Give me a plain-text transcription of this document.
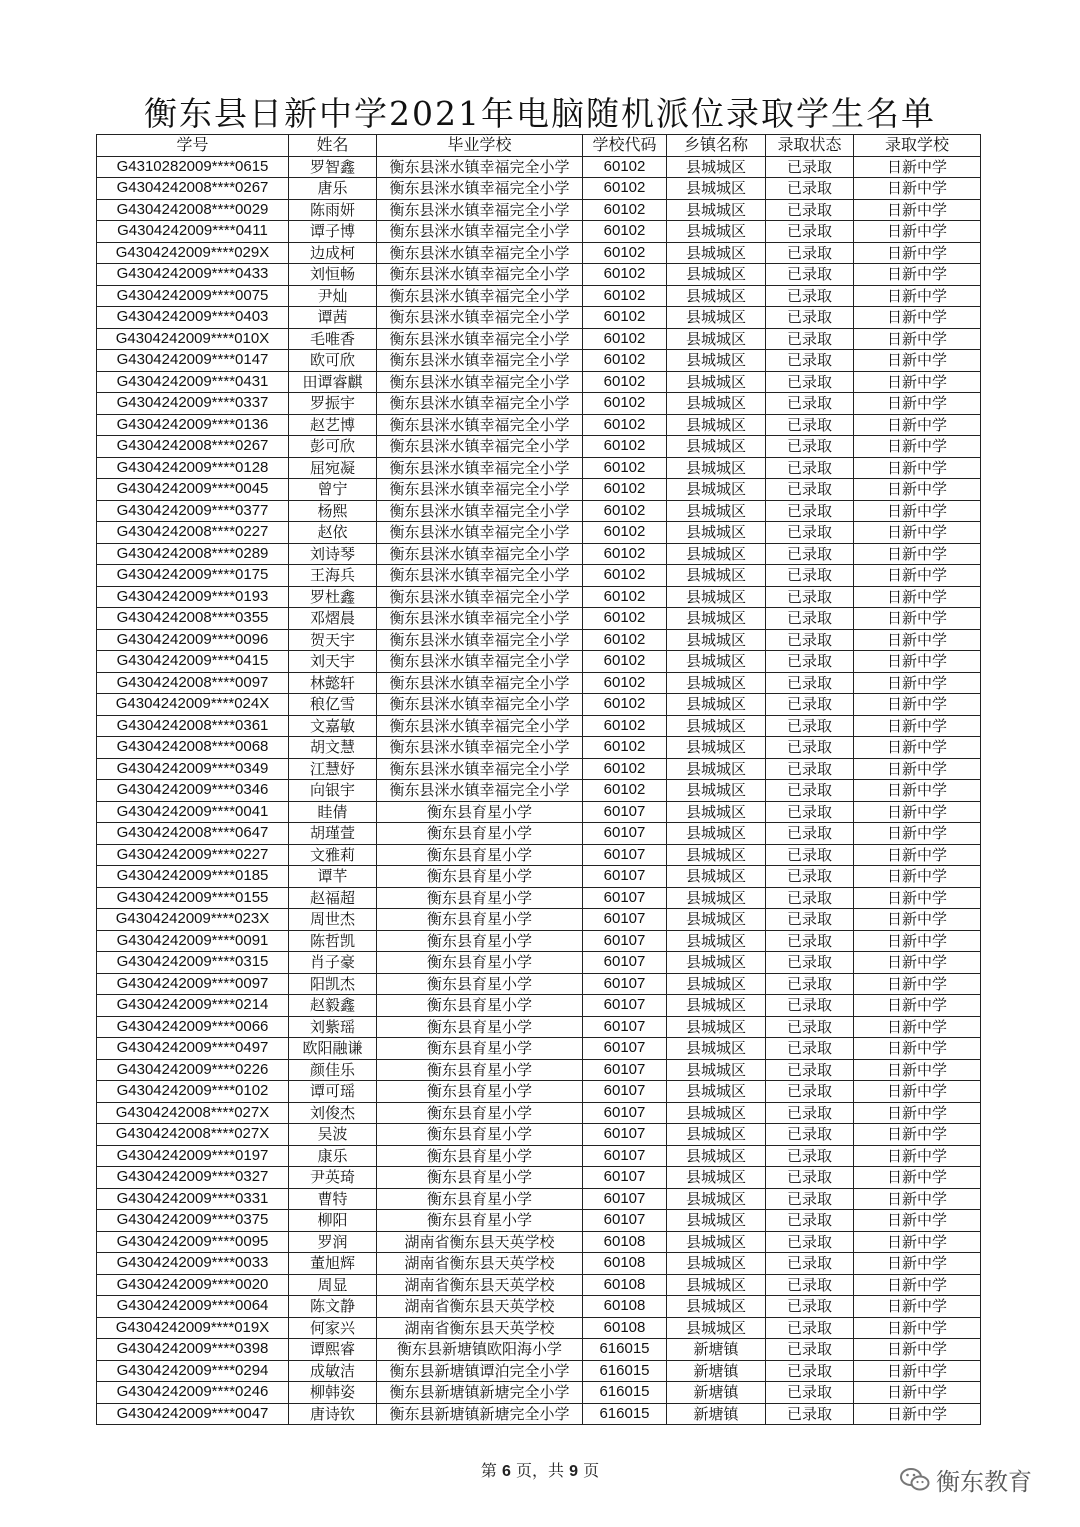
衡东县日新中学2021年电脑随机派位录取学生名单
学号	姓名	毕业学校	学校代码	乡镇名称	录取状态	录取学校
G4310282009****0615	罗智鑫	衡东县洣水镇幸福完全小学	60102	县城城区	已录取	日新中学
G4304242008****0267	唐乐	衡东县洣水镇幸福完全小学	60102	县城城区	已录取	日新中学
G4304242008****0029	陈雨妍	衡东县洣水镇幸福完全小学	60102	县城城区	已录取	日新中学
G4304242009****0411	谭子博	衡东县洣水镇幸福完全小学	60102	县城城区	已录取	日新中学
G4304242009****029X	边成柯	衡东县洣水镇幸福完全小学	60102	县城城区	已录取	日新中学
G4304242009****0433	刘恒畅	衡东县洣水镇幸福完全小学	60102	县城城区	已录取	日新中学
G4304242009****0075	尹灿	衡东县洣水镇幸福完全小学	60102	县城城区	已录取	日新中学
G4304242009****0403	谭茜	衡东县洣水镇幸福完全小学	60102	县城城区	已录取	日新中学
G4304242009****010X	毛唯香	衡东县洣水镇幸福完全小学	60102	县城城区	已录取	日新中学
G4304242009****0147	欧可欣	衡东县洣水镇幸福完全小学	60102	县城城区	已录取	日新中学
G4304242009****0431	田谭睿麒	衡东县洣水镇幸福完全小学	60102	县城城区	已录取	日新中学
G4304242009****0337	罗振宇	衡东县洣水镇幸福完全小学	60102	县城城区	已录取	日新中学
G4304242009****0136	赵艺博	衡东县洣水镇幸福完全小学	60102	县城城区	已录取	日新中学
G4304242008****0267	彭可欣	衡东县洣水镇幸福完全小学	60102	县城城区	已录取	日新中学
G4304242009****0128	屈宛凝	衡东县洣水镇幸福完全小学	60102	县城城区	已录取	日新中学
G4304242009****0045	曾宁	衡东县洣水镇幸福完全小学	60102	县城城区	已录取	日新中学
G4304242009****0377	杨熙	衡东县洣水镇幸福完全小学	60102	县城城区	已录取	日新中学
G4304242008****0227	赵依	衡东县洣水镇幸福完全小学	60102	县城城区	已录取	日新中学
G4304242008****0289	刘诗琴	衡东县洣水镇幸福完全小学	60102	县城城区	已录取	日新中学
G4304242009****0175	王海兵	衡东县洣水镇幸福完全小学	60102	县城城区	已录取	日新中学
G4304242009****0193	罗杜鑫	衡东县洣水镇幸福完全小学	60102	县城城区	已录取	日新中学
G4304242008****0355	邓熠晨	衡东县洣水镇幸福完全小学	60102	县城城区	已录取	日新中学
G4304242009****0096	贺天宇	衡东县洣水镇幸福完全小学	60102	县城城区	已录取	日新中学
G4304242009****0415	刘天宇	衡东县洣水镇幸福完全小学	60102	县城城区	已录取	日新中学
G4304242008****0097	林懿轩	衡东县洣水镇幸福完全小学	60102	县城城区	已录取	日新中学
G4304242009****024X	稂亿雪	衡东县洣水镇幸福完全小学	60102	县城城区	已录取	日新中学
G4304242008****0361	文嘉敏	衡东县洣水镇幸福完全小学	60102	县城城区	已录取	日新中学
G4304242008****0068	胡文慧	衡东县洣水镇幸福完全小学	60102	县城城区	已录取	日新中学
G4304242009****0349	江慧妤	衡东县洣水镇幸福完全小学	60102	县城城区	已录取	日新中学
G4304242009****0346	向银宇	衡东县洣水镇幸福完全小学	60102	县城城区	已录取	日新中学
G4304242009****0041	眭倩	衡东县育星小学	60107	县城城区	已录取	日新中学
G4304242008****0647	胡瑾萱	衡东县育星小学	60107	县城城区	已录取	日新中学
G4304242009****0227	文雅莉	衡东县育星小学	60107	县城城区	已录取	日新中学
G4304242009****0185	谭芊	衡东县育星小学	60107	县城城区	已录取	日新中学
G4304242009****0155	赵福超	衡东县育星小学	60107	县城城区	已录取	日新中学
G4304242009****023X	周世杰	衡东县育星小学	60107	县城城区	已录取	日新中学
G4304242009****0091	陈哲凯	衡东县育星小学	60107	县城城区	已录取	日新中学
G4304242009****0315	肖子豪	衡东县育星小学	60107	县城城区	已录取	日新中学
G4304242009****0097	阳凯杰	衡东县育星小学	60107	县城城区	已录取	日新中学
G4304242009****0214	赵毅鑫	衡东县育星小学	60107	县城城区	已录取	日新中学
G4304242009****0066	刘紫瑶	衡东县育星小学	60107	县城城区	已录取	日新中学
G4304242009****0497	欧阳融谦	衡东县育星小学	60107	县城城区	已录取	日新中学
G4304242009****0226	颜佳乐	衡东县育星小学	60107	县城城区	已录取	日新中学
G4304242009****0102	谭可瑶	衡东县育星小学	60107	县城城区	已录取	日新中学
G4304242008****027X	刘俊杰	衡东县育星小学	60107	县城城区	已录取	日新中学
G4304242008****027X	吴波	衡东县育星小学	60107	县城城区	已录取	日新中学
G4304242009****0197	康乐	衡东县育星小学	60107	县城城区	已录取	日新中学
G4304242009****0327	尹英琦	衡东县育星小学	60107	县城城区	已录取	日新中学
G4304242009****0331	曹特	衡东县育星小学	60107	县城城区	已录取	日新中学
G4304242009****0375	柳阳	衡东县育星小学	60107	县城城区	已录取	日新中学
G4304242009****0095	罗润	湖南省衡东县天英学校	60108	县城城区	已录取	日新中学
G4304242009****0033	董旭辉	湖南省衡东县天英学校	60108	县城城区	已录取	日新中学
G4304242009****0020	周显	湖南省衡东县天英学校	60108	县城城区	已录取	日新中学
G4304242009****0064	陈文静	湖南省衡东县天英学校	60108	县城城区	已录取	日新中学
G4304242009****019X	何家兴	湖南省衡东县天英学校	60108	县城城区	已录取	日新中学
G4304242009****0398	谭熙睿	衡东县新塘镇欧阳海小学	616015	新塘镇	已录取	日新中学
G4304242009****0294	成敏洁	衡东县新塘镇谭泊完全小学	616015	新塘镇	已录取	日新中学
G4304242009****0246	柳韩姿	衡东县新塘镇新塘完全小学	616015	新塘镇	已录取	日新中学
G4304242009****0047	唐诗钦	衡东县新塘镇新塘完全小学	616015	新塘镇	已录取	日新中学
第 6 页，共 9 页	衡东教育
